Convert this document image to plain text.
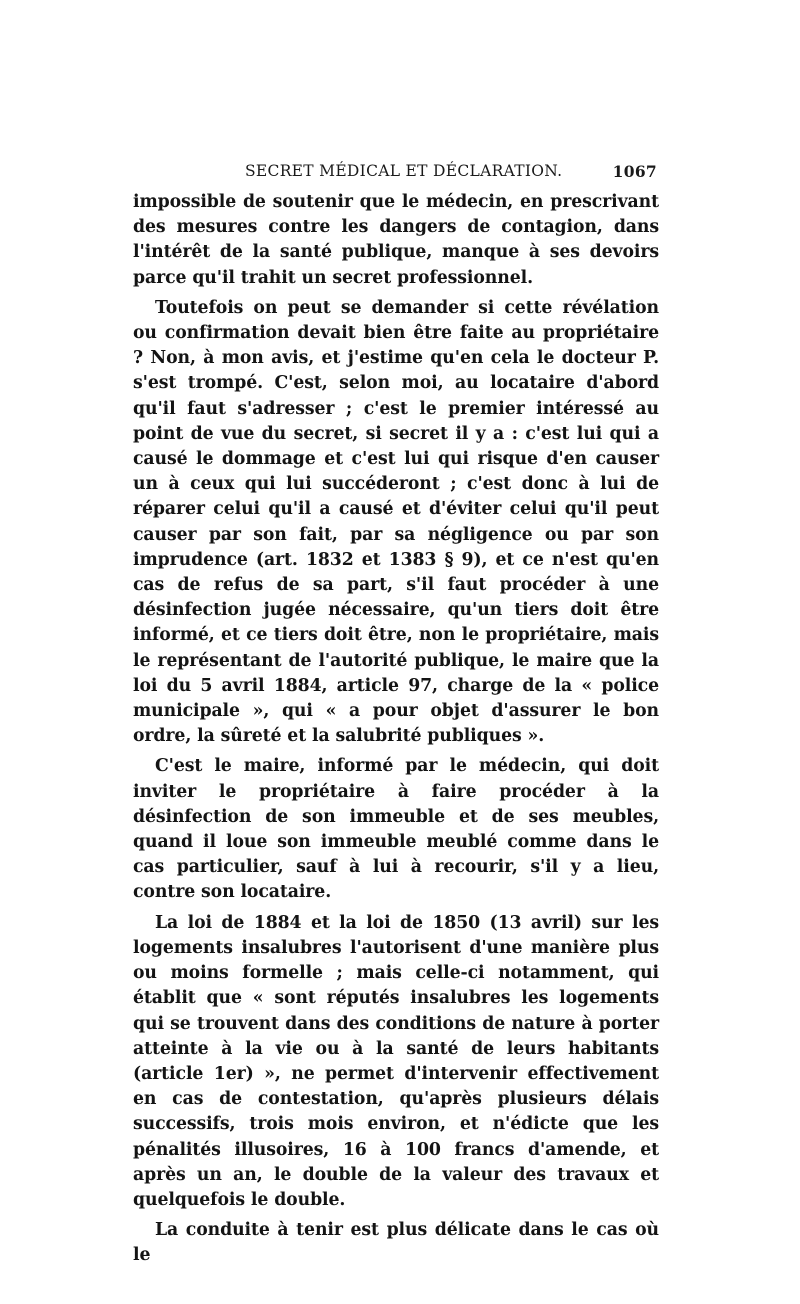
SECRET MÉDICAL ET DÉCLARATION.	1067

impossible de soutenir que le médecin, en prescrivant des mesures contre les dangers de contagion, dans l'intérêt de la santé publique, manque à ses devoirs parce qu'il trahit un secret professionnel.

Toutefois on peut se demander si cette révélation ou confirmation devait bien être faite au propriétaire ? Non, à mon avis, et j'estime qu'en cela le docteur P. s'est trompé. C'est, selon moi, au locataire d'abord qu'il faut s'adresser ; c'est le premier intéressé au point de vue du secret, si secret il y a : c'est lui qui a causé le dommage et c'est lui qui risque d'en causer un à ceux qui lui succéderont ; c'est donc à lui de réparer celui qu'il a causé et d'éviter celui qu'il peut causer par son fait, par sa négligence ou par son imprudence (art. 1832 et 1383 § 9), et ce n'est qu'en cas de refus de sa part, s'il faut procéder à une désinfection jugée nécessaire, qu'un tiers doit être informé, et ce tiers doit être, non le propriétaire, mais le représentant de l'autorité publique, le maire que la loi du 5 avril 1884, article 97, charge de la « police municipale », qui « a pour objet d'assurer le bon ordre, la sûreté et la salubrité publiques ».

C'est le maire, informé par le médecin, qui doit inviter le propriétaire à faire procéder à la désinfection de son immeuble et de ses meubles, quand il loue son immeuble meublé comme dans le cas particulier, sauf à lui à recourir, s'il y a lieu, contre son locataire.

La loi de 1884 et la loi de 1850 (13 avril) sur les logements insalubres l'autorisent d'une manière plus ou moins formelle ; mais celle-ci notamment, qui établit que « sont réputés insalubres les logements qui se trouvent dans des conditions de nature à porter atteinte à la vie ou à la santé de leurs habitants (article 1er) », ne permet d'intervenir effectivement en cas de contestation, qu'après plusieurs délais successifs, trois mois environ, et n'édicte que les pénalités illusoires, 16 à 100 francs d'amende, et après un an, le double de la valeur des travaux et quelquefois le double.

La conduite à tenir est plus délicate dans le cas où le
